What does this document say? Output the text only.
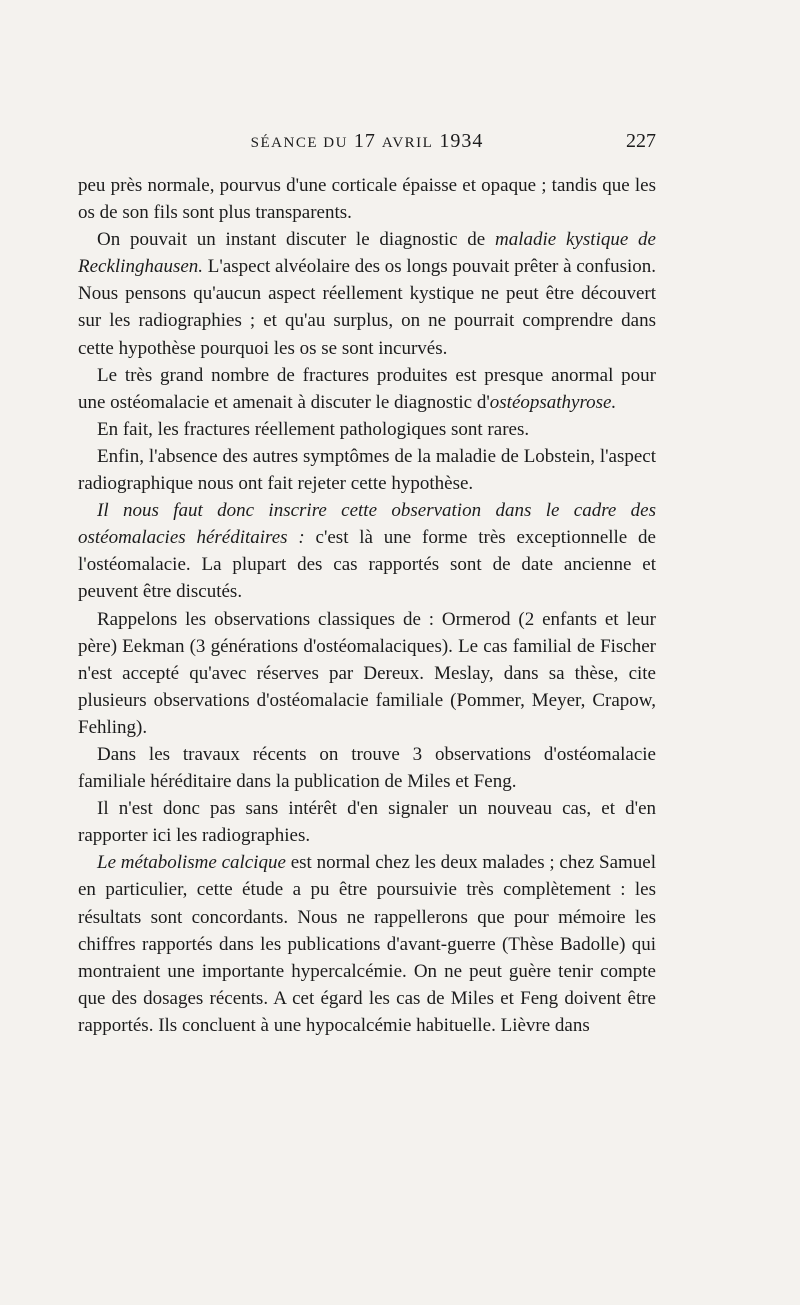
SÉANCE DU 17 AVRIL 1934	227

peu près normale, pourvus d'une corticale épaisse et opaque ; tandis que les os de son fils sont plus transparents.

On pouvait un instant discuter le diagnostic de maladie kystique de Recklinghausen. L'aspect alvéolaire des os longs pouvait prêter à confusion. Nous pensons qu'aucun aspect réellement kystique ne peut être découvert sur les radiographies ; et qu'au surplus, on ne pourrait comprendre dans cette hypothèse pourquoi les os se sont incurvés.

Le très grand nombre de fractures produites est presque anormal pour une ostéomalacie et amenait à discuter le diagnostic d'ostéopsathyrose.

En fait, les fractures réellement pathologiques sont rares.

Enfin, l'absence des autres symptômes de la maladie de Lobstein, l'aspect radiographique nous ont fait rejeter cette hypothèse.

Il nous faut donc inscrire cette observation dans le cadre des ostéomalacies héréditaires : c'est là une forme très exceptionnelle de l'ostéomalacie. La plupart des cas rapportés sont de date ancienne et peuvent être discutés.

Rappelons les observations classiques de : Ormerod (2 enfants et leur père) Eekman (3 générations d'ostéomalaciques). Le cas familial de Fischer n'est accepté qu'avec réserves par Dereux. Meslay, dans sa thèse, cite plusieurs observations d'ostéomalacie familiale (Pommer, Meyer, Crapow, Fehling).

Dans les travaux récents on trouve 3 observations d'ostéomalacie familiale héréditaire dans la publication de Miles et Feng.

Il n'est donc pas sans intérêt d'en signaler un nouveau cas, et d'en rapporter ici les radiographies.

Le métabolisme calcique est normal chez les deux malades ; chez Samuel en particulier, cette étude a pu être poursuivie très complètement : les résultats sont concordants. Nous ne rappellerons que pour mémoire les chiffres rapportés dans les publications d'avant-guerre (Thèse Badolle) qui montraient une importante hypercalcémie. On ne peut guère tenir compte que des dosages récents. A cet égard les cas de Miles et Feng doivent être rapportés. Ils concluent à une hypocalcémie habituelle. Lièvre dans
